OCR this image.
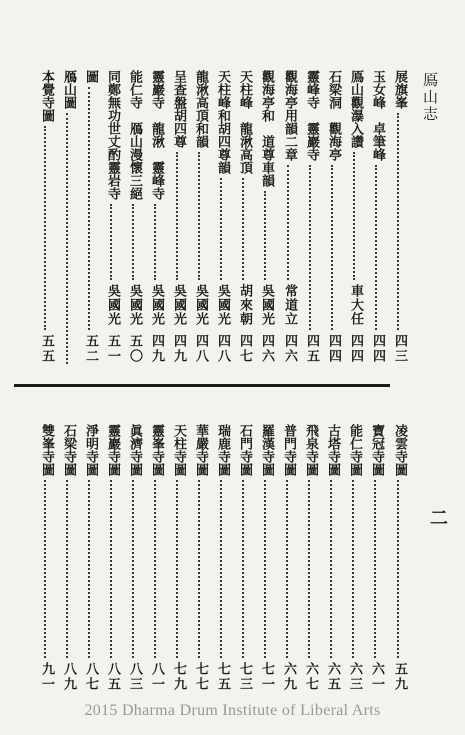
鳫山志
展旗峯
四三
玉女峰　卓筆峰
四四
鳫山觀瀑入讚
車大任
四四
石梁洞　觀海亭
四四
靈峰寺　靈巖寺
四五
觀海亭用韻二章
常道立
四六
觀海亭和　道尊車韻
吳國光
四六
天柱峰　龍湫高頂
胡來朝
四七
天柱峰和胡四尊韻
吳國光
四八
龍湫高頂和韻
吳國光
四八
呈查盤胡四尊
吳國光
四九
靈巖寺　龍湫　靈峰寺
吳國光
四九
能仁寺　鴈山漫懷三絕
吳國光
五〇
同鄭無功世丈酌靈岩寺
吳國光
五一
圖
五二
鴈山圖
本覺寺圖
五五
凌雲寺圖
五九
寶冠寺圖
六一
能仁寺圖
六三
古塔寺圖
六五
飛泉寺圖
六七
普門寺圖
六九
羅漢寺圖
七一
石門寺圖
七三
瑞鹿寺圖
七五
華嚴寺圖
七七
天柱寺圖
七九
靈峯寺圖
八一
眞濟寺圖
八三
靈巖寺圖
八五
淨明寺圖
八七
石梁寺圖
八九
雙峯寺圖
九一
二
2015 Dharma Drum Institute of Liberal Arts
